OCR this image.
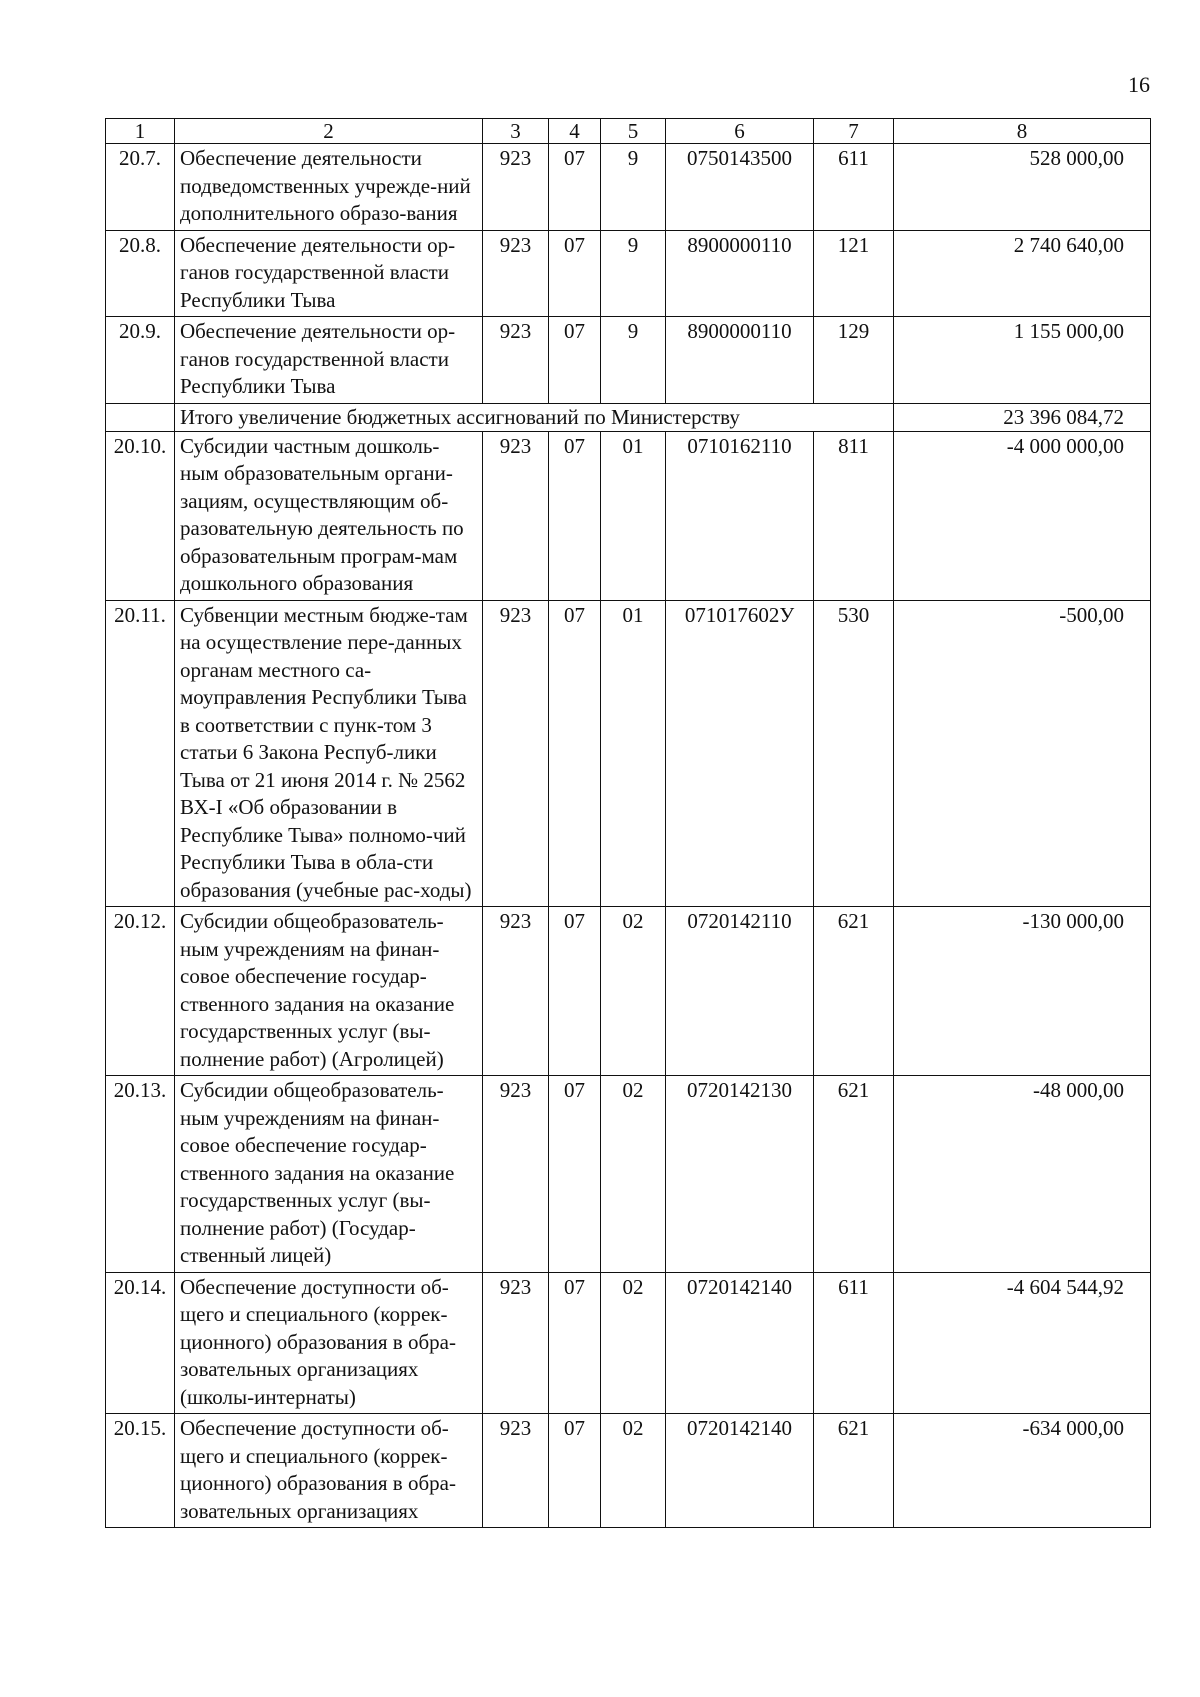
16
1	2	3	4	5	6	7	8
20.7.	Обеспечение деятельности подведомственных учрежде-ний дополнительного образо-вания	923	07	9	0750143500	611	528 000,00
20.8.	Обеспечение деятельности ор-ганов государственной власти Республики Тыва	923	07	9	8900000110	121	2 740 640,00
20.9.	Обеспечение деятельности ор-ганов государственной власти Республики Тыва	923	07	9	8900000110	129	1 155 000,00
	Итого увеличение бюджетных ассигнований по Министерству						23 396 084,72
20.10.	Субсидии частным дошколь-ным образовательным органи-зациям, осуществляющим об-разовательную деятельность по образовательным програм-мам дошкольного образования	923	07	01	0710162110	811	-4 000 000,00
20.11.	Субвенции местным бюдже-там на осуществление пере-данных органам местного са-моуправления Республики Тыва в соответствии с пунк-том 3 статьи 6 Закона Респуб-лики Тыва от 21 июня 2014 г. № 2562 ВХ-I «Об образовании в Республике Тыва» полномо-чий Республики Тыва в обла-сти образования (учебные рас-ходы)	923	07	01	071017602У	530	-500,00
20.12.	Субсидии общеобразователь-ным учреждениям на финан-совое обеспечение государ-ственного задания на оказание государственных услуг (вы-полнение работ) (Агролицей)	923	07	02	0720142110	621	-130 000,00
20.13.	Субсидии общеобразователь-ным учреждениям на финан-совое обеспечение государ-ственного задания на оказание государственных услуг (вы-полнение работ) (Государ-ственный лицей)	923	07	02	0720142130	621	-48 000,00
20.14.	Обеспечение доступности об-щего и специального (коррек-ционного) образования в обра-зовательных организациях (школы-интернаты)	923	07	02	0720142140	611	-4 604 544,92
20.15.	Обеспечение доступности об-щего и специального (коррек-ционного) образования в обра-зовательных организациях	923	07	02	0720142140	621	-634 000,00
